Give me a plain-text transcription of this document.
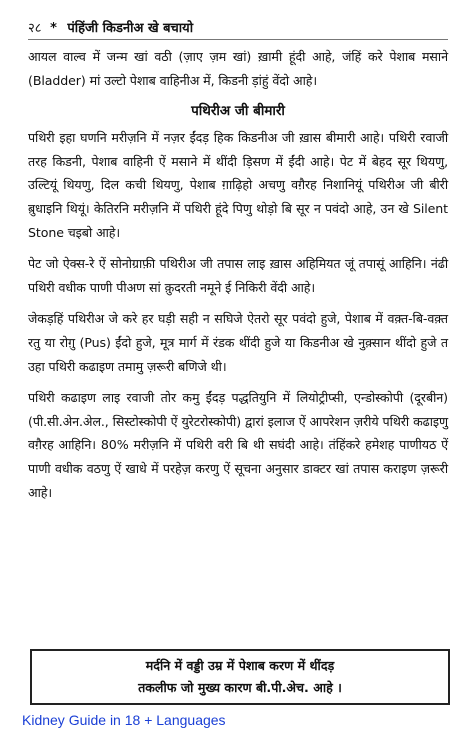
२८ * पंहिंजी किडनीअ खे बचायो

आयल वाल्व में जन्म खां वठी (ज़ाए ज़म खां) ख़ामी हूंदी आहे, जंहिं करे पेशाब मसाने (Bladder) मां उल्टो पेशाब वाहिनीअ में, किडनी ड़ांहुं वेंदो आहे।

पथिरीअ जी बीमारी

पथिरी इहा घणनि मरीज़नि में नज़र ईंदड़ हिक किडनीअ जी ख़ास बीमारी आहे। पथिरी रवाजी तरह किडनी, पेशाब वाहिनी ऐं मसाने में थींदी ड़िसण में ईंदी आहे। पेट में बेहद सूर थियणु, उल्टियूं थियणु, दिल कची थियणु, पेशाब ग़ाढ़िहो अचणु वग़ैरह निशानियूं पथिरीअ जी बीरी ब़ुधाइनि थियूं। केतिरनि मरीज़नि में पथिरी हूंदे पिणु थोड़ो बि सूर न पवंदो आहे, उन खे Silent Stone चइबो आहे।

पेट जो ऐक्स-रे ऐं सोनोग्राफ़ी पथिरीअ जी तपास लाइ ख़ास अहिमियत जूं तपासूं आहिनि। नंढी पथिरी वधीक पाणी पीअण सां क़ुदरती नमूने ई निकिरी वेंदी आहे।

जेकड़हिं पथिरीअ जे करे हर घड़ी सही न सघिजे ऐतरो सूर पवंदो हुजे, पेशाब में वक़्त-बि-वक़्त रतु या रोग़ु (Pus) ईंदो हुजे, मूत्र मार्ग में रंडक थींदी हुजे या किडनीअ खे नुक़्सान थींदो हुजे त उहा पथिरी कढाइण तमामु ज़रूरी बणिजे थी।

पथिरी कढाइण लाइ रवाजी तोर कमु ईंदड़ पद्धतियुनि में लियोट्रीप्सी, एन्डोस्कोपी (दूरबीन) (पी.सी.अेन.अेल., सिस्टोस्कोपी ऐं युरेटरोस्कोपी) द्वारां इलाज ऐं आपरेशन ज़रीये पथिरी कढाइणु वग़ैरह आहिनि। 80% मरीज़नि में पथिरी वरी बि थी सघंदी आहे। तंहिंकरे हमेशह पाणीयठ ऐं पाणी वधीक वठणु ऐं खाधे में परहेज़ करणु ऐं सूचना अनुसार डाक्टर खां तपास कराइण ज़रूरी आहे।

मर्दनि में वड्डी उम्र में पेशाब करण में थींदड़
तकलीफ जो मुख्य कारण बी.पी.अेच. आहे ।
Kidney Guide in 18 + Languages
